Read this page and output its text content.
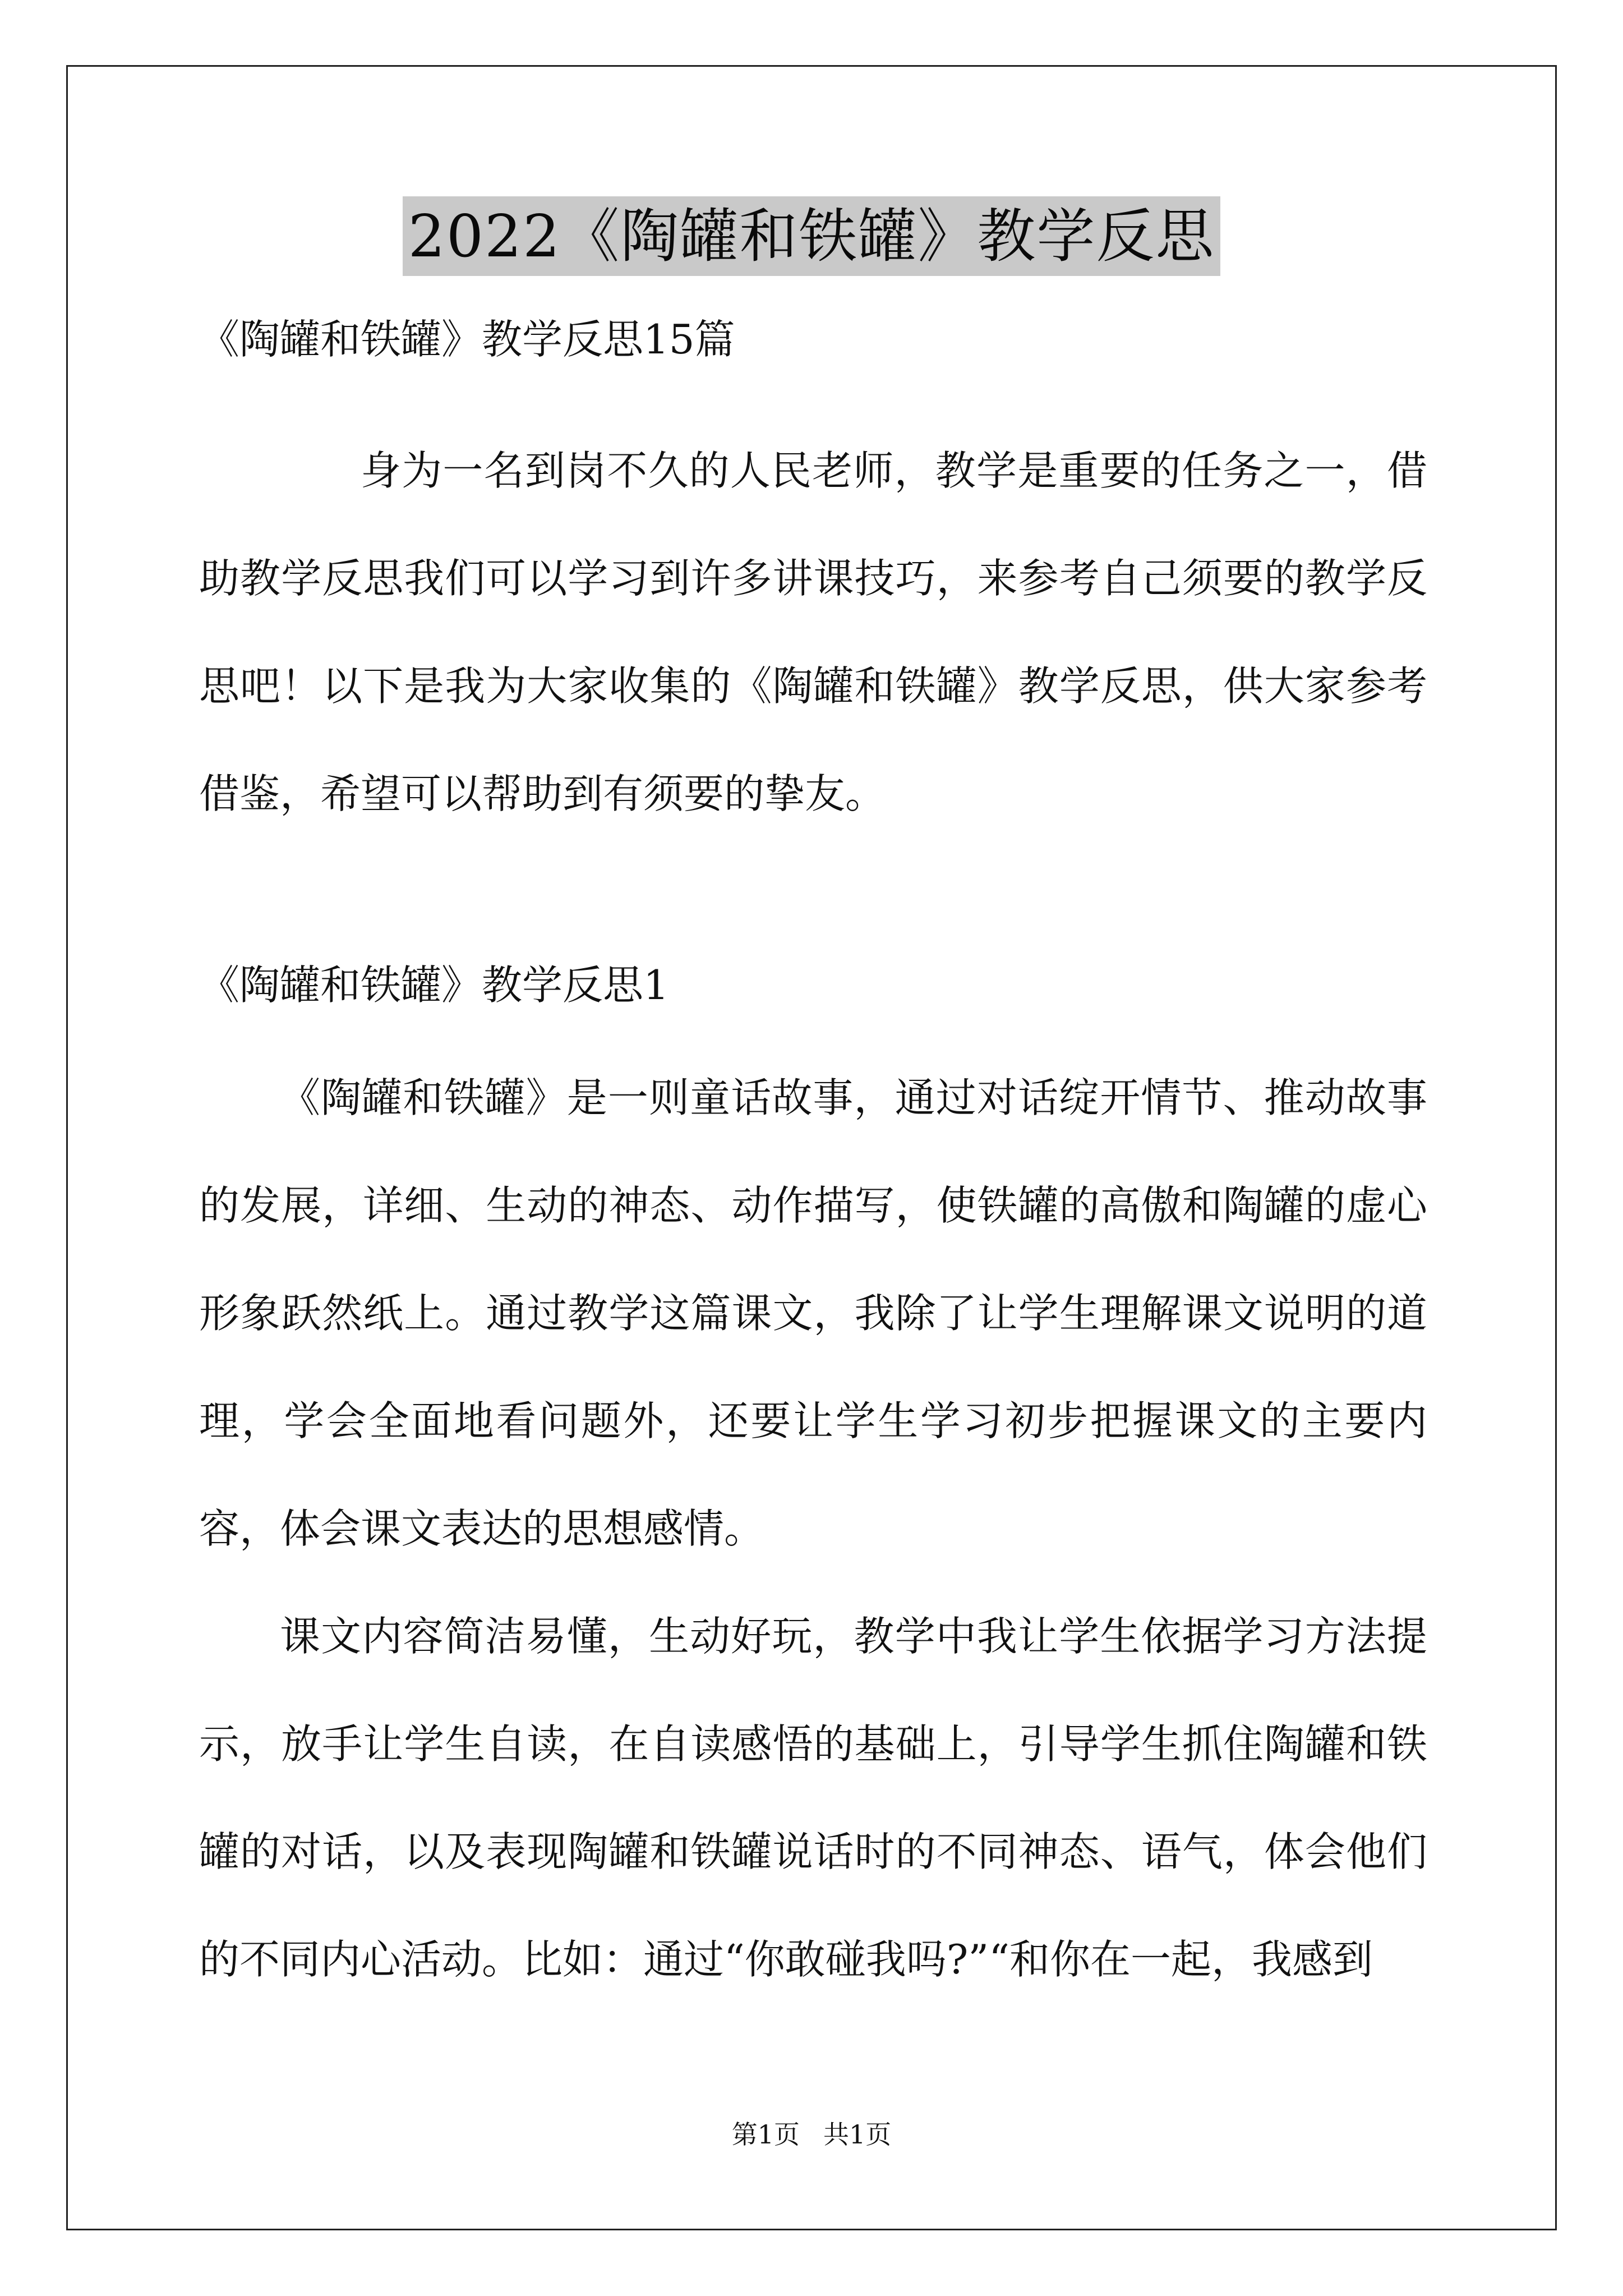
2022《陶罐和铁罐》教学反思

《陶罐和铁罐》教学反思15篇

身为一名到岗不久的人民老师，教学是重要的任务之一，借助教学反思我们可以学习到许多讲课技巧，来参考自己须要的教学反思吧！以下是我为大家收集的《陶罐和铁罐》教学反思，供大家参考借鉴，希望可以帮助到有须要的挚友。

《陶罐和铁罐》教学反思1

《陶罐和铁罐》是一则童话故事，通过对话绽开情节、推动故事的发展，详细、生动的神态、动作描写，使铁罐的高傲和陶罐的虚心形象跃然纸上。通过教学这篇课文，我除了让学生理解课文说明的道理，学会全面地看问题外，还要让学生学习初步把握课文的主要内容，体会课文表达的思想感情。

课文内容简洁易懂，生动好玩，教学中我让学生依据学习方法提示，放手让学生自读，在自读感悟的基础上，引导学生抓住陶罐和铁罐的对话，以及表现陶罐和铁罐说话时的不同神态、语气，体会他们的不同内心活动。比如：通过“你敢碰我吗?”“和你在一起，我感到

第1页 共1页
